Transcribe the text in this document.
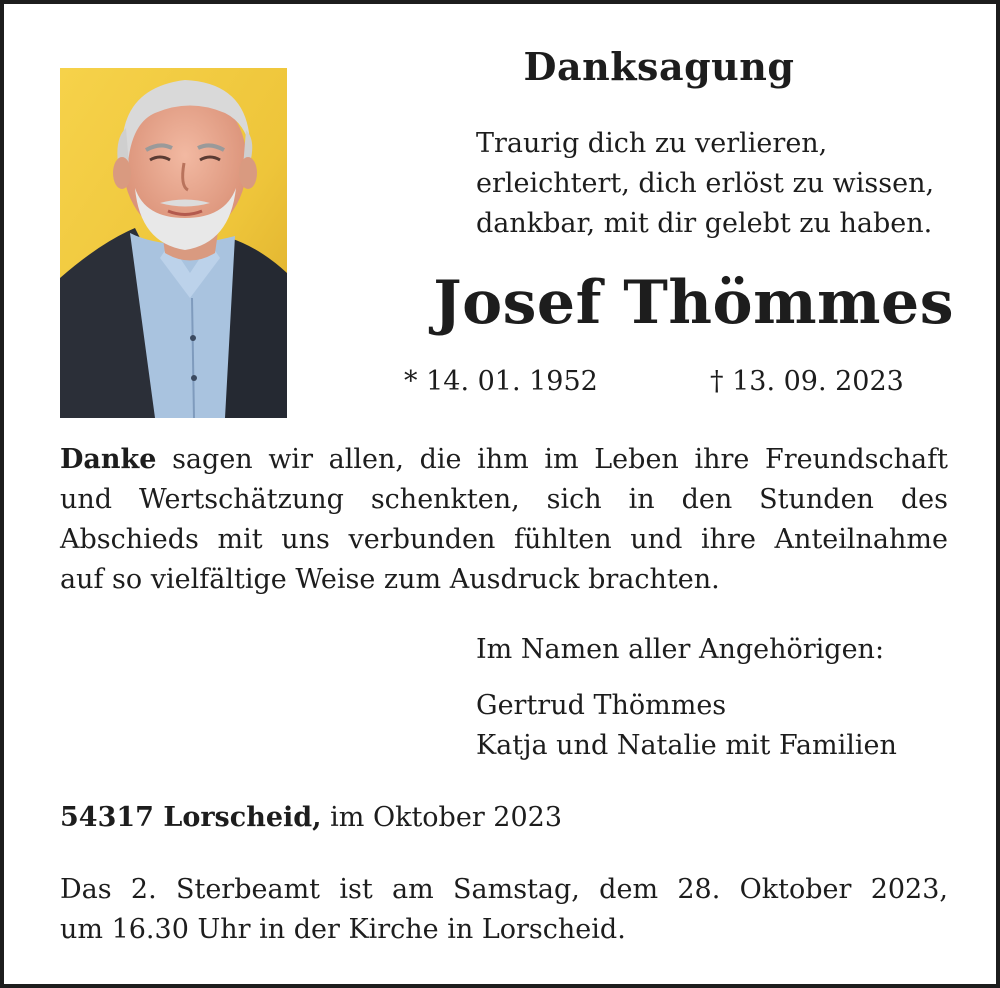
Danksagung
Traurig dich zu verlieren,
erleichtert, dich erlöst zu wissen,
dankbar, mit dir gelebt zu haben.
Josef Thömmes
* 14. 01. 1952	† 13. 09. 2023
Danke sagen wir allen, die ihm im Leben ihre Freundschaft
und Wertschätzung schenkten, sich in den Stunden des
Abschieds mit uns verbunden fühlten und ihre Anteilnahme
auf so vielfältige Weise zum Ausdruck brachten.
Im Namen aller Angehörigen:
Gertrud Thömmes
Katja und Natalie mit Familien
54317 Lorscheid, im Oktober 2023
Das 2. Sterbeamt ist am Samstag, dem 28. Oktober 2023,
um 16.30 Uhr in der Kirche in Lorscheid.
